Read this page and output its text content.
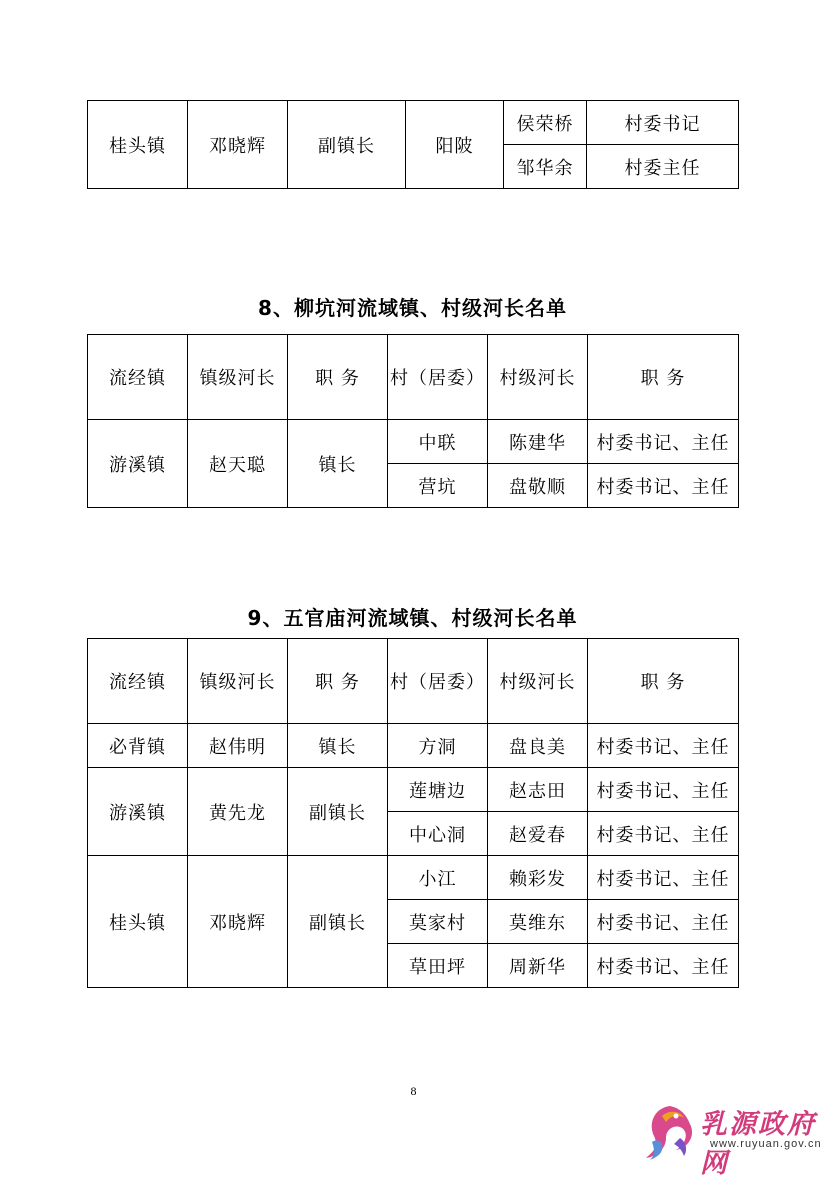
桂头镇	邓晓辉	副镇长	阳陂	侯荣桥	村委书记
				邹华余	村委主任
8、柳坑河流域镇、村级河长名单
流经镇	镇级河长	职 务	村（居委）	村级河长	职 务
游溪镇	赵天聪	镇长	中联	陈建华	村委书记、主任
			营坑	盘敬顺	村委书记、主任
9、五官庙河流域镇、村级河长名单
流经镇	镇级河长	职 务	村（居委）	村级河长	职 务
必背镇	赵伟明	镇长	方洞	盘良美	村委书记、主任
游溪镇	黄先龙	副镇长	莲塘边	赵志田	村委书记、主任
			中心洞	赵爱春	村委书记、主任
桂头镇	邓晓辉	副镇长	小江	赖彩发	村委书记、主任
			莫家村	莫维东	村委书记、主任
			草田坪	周新华	村委书记、主任
8
乳源政府网
www.ruyuan.gov.cn
